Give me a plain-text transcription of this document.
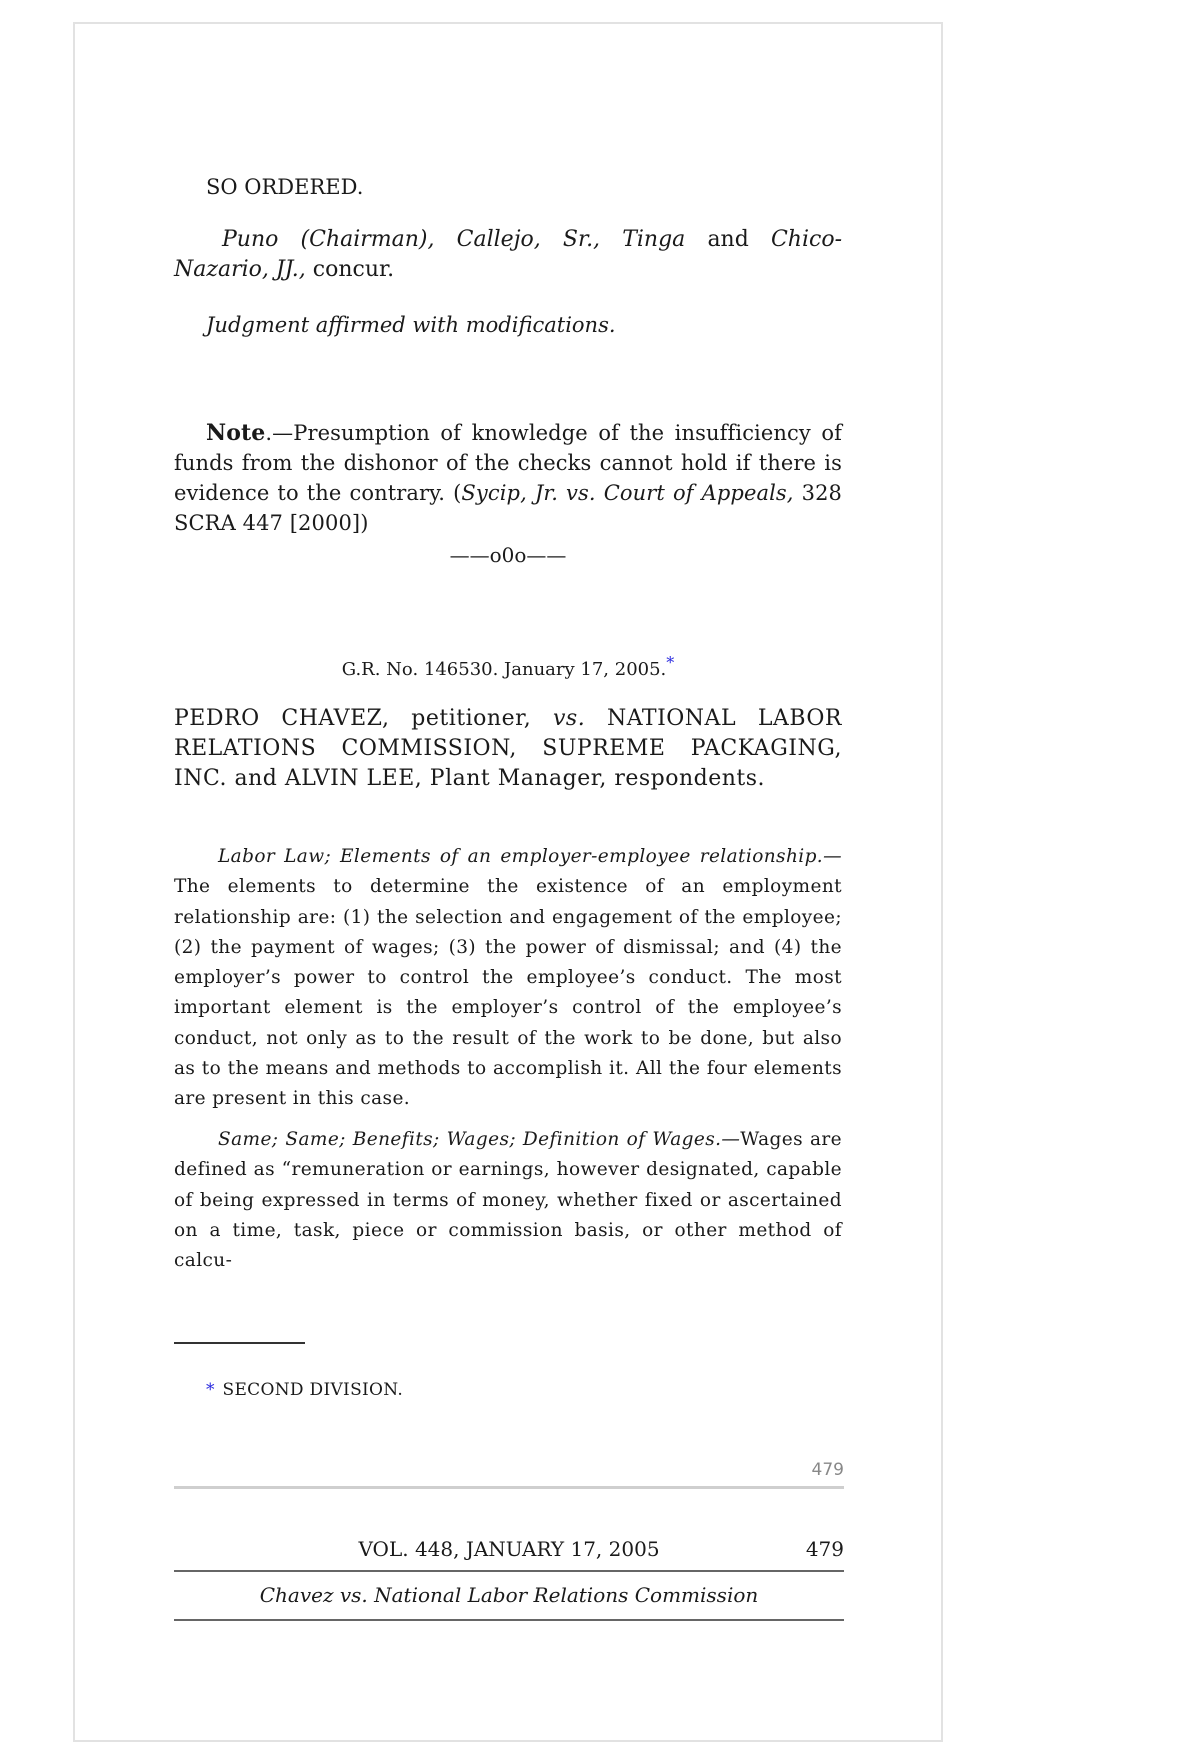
SO ORDERED.
Puno (Chairman), Callejo, Sr., Tinga and Chico-Nazario, JJ., concur.
Judgment affirmed with modifications.
Note.—Presumption of knowledge of the insufficiency of funds from the dishonor of the checks cannot hold if there is evidence to the contrary. (Sycip, Jr. vs. Court of Appeals, 328 SCRA 447 [2000])
——o0o——
G.R. No. 146530. January 17, 2005.*
PEDRO CHAVEZ, petitioner, vs. NATIONAL LABOR RELATIONS COMMISSION, SUPREME PACKAGING, INC. and ALVIN LEE, Plant Manager, respondents.
Labor Law; Elements of an employer-employee relationship.—The elements to determine the existence of an employment relationship are: (1) the selection and engagement of the employee; (2) the payment of wages; (3) the power of dismissal; and (4) the employer’s power to control the employee’s conduct. The most important element is the employer’s control of the employee’s conduct, not only as to the result of the work to be done, but also as to the means and methods to accomplish it. All the four elements are present in this case.
Same; Same; Benefits; Wages; Definition of Wages.—Wages are defined as “remuneration or earnings, however designated, capable of being expressed in terms of money, whether fixed or ascertained on a time, task, piece or commission basis, or other method of calcu-
* SECOND DIVISION.
479
VOL. 448, JANUARY 17, 2005	479
Chavez vs. National Labor Relations Commission
